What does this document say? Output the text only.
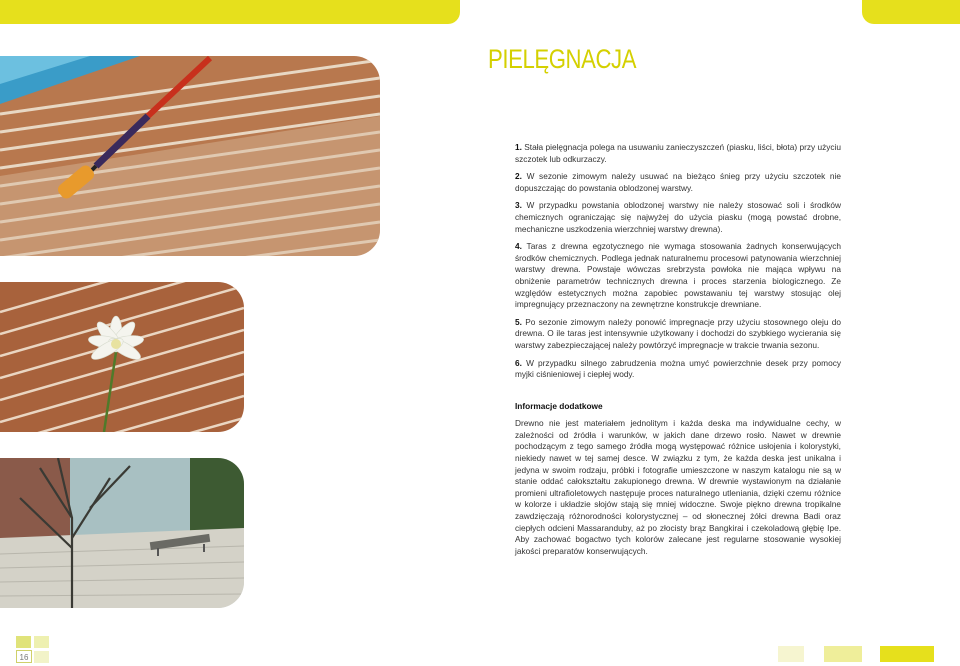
PIELĘGNACJA

1. Stała pielęgnacja polega na usuwaniu zanieczyszczeń (piasku, liści, błota) przy użyciu szczotek lub odkurzaczy.

2. W sezonie zimowym należy usuwać na bieżąco śnieg przy użyciu szczotek nie dopuszczając do powstania oblodzonej warstwy.

3. W przypadku powstania oblodzonej warstwy nie należy stosować soli i środków chemicznych ograniczając się najwyżej do użycia piasku (mogą powstać drobne, mechaniczne uszkodzenia wierzchniej warstwy drewna).

4. Taras z drewna egzotycznego nie wymaga stosowania żadnych konserwujących środków chemicznych. Podlega jednak naturalnemu procesowi patynowania wierzchniej warstwy drewna. Powstaje wówczas srebrzysta powłoka nie mająca wpływu na obniżenie parametrów technicznych drewna i proces starzenia biologicznego. Ze względów estetycznych można zapobiec powstawaniu tej warstwy stosując olej impregnujący przeznaczony na zewnętrzne konstrukcje drewniane.

5. Po sezonie zimowym należy ponowić impregnacje przy użyciu stosownego oleju do drewna. O ile taras jest intensywnie użytkowany i dochodzi do szybkiego wycierania się warstwy zabezpieczającej należy powtórzyć impregnacje w trakcie trwania sezonu.

6. W przypadku silnego zabrudzenia można umyć powierzchnie desek przy pomocy myjki ciśnieniowej i ciepłej wody.

Informacje dodatkowe

Drewno nie jest materiałem jednolitym i każda deska ma indywidualne cechy, w zależności od źródła i warunków, w jakich dane drzewo rosło. Nawet w drewnie pochodzącym z tego samego źródła mogą występować różnice usłojenia i kolorystyki, niekiedy nawet w tej samej desce. W związku z tym, że każda deska jest unikalna i jedyna w swoim rodzaju, próbki i fotografie umieszczone w naszym katalogu nie są w stanie oddać całokształtu zakupionego drewna. W drewnie wystawionym na działanie promieni ultrafioletowych następuje proces naturalnego utleniania, dzięki czemu różnice w kolorze i układzie słojów stają się mniej widoczne. Swoje piękno drewna tropikalne zawdzięczają różnorodności kolorystycznej – od słonecznej żółci drewna Badi oraz ciepłych odcieni Massaranduby, aż po złocisty brąz Bangkirai i czekoladową głębię Ipe. Aby zachować bogactwo tych kolorów zalecane jest regularne stosowanie wysokiej jakości preparatów konserwujących.

16
